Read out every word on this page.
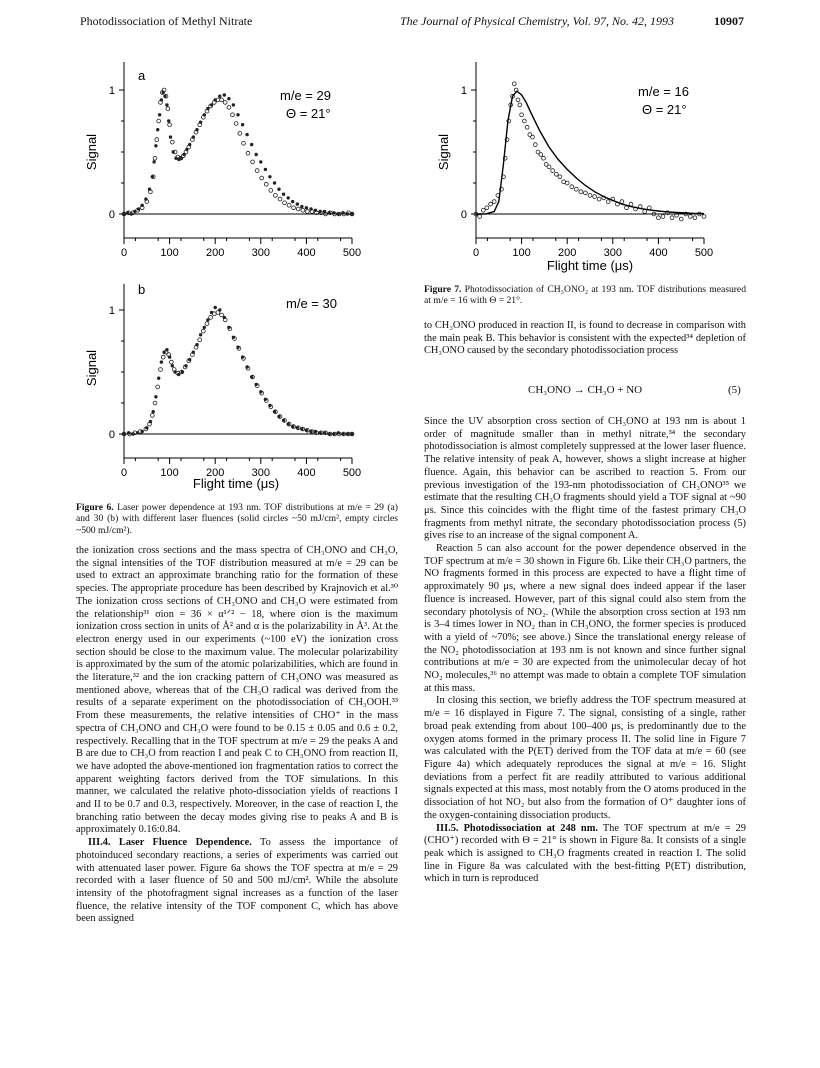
Photodissociation of Methyl Nitrate	The Journal of Physical Chemistry, Vol. 97, No. 42, 1993	10907
0	100 200 300 400 500
0
1
a
m/e = 29
Θ = 21°
Signal
0	100 200 300 400 500
0
1
b
m/e = 30
Signal
Flight time (μs)
0	100 200 300 400 500
0
1	m/e = 16
Θ = 21°
Signal
Flight time (μs)
Figure 6. Laser power dependence at 193 nm. TOF distributions at m/e = 29 (a) and 30 (b) with different laser fluences (solid circles ~50 mJ/cm², empty circles ~500 mJ/cm²).

the ionization cross sections and the mass spectra of CH₃ONO and CH₃O, the signal intensities of the TOF distribution measured at m/e = 29 can be used to extract an approximate branching ratio for the formation of these species. The appropriate procedure has been described by Krajnovich et al.³⁰ The ionization cross sections of CH₃ONO and CH₃O were estimated from the relationship³¹ σion = 36 × α¹ᐟ² − 18, where σion is the maximum ionization cross section in units of Å² and α is the polarizability in Å³. At the electron energy used in our experiments (~100 eV) the ionization cross section should be close to the maximum value. The molecular polarizability is approximated by the sum of the atomic polarizabilities, which are found in the literature,³² and the ion cracking pattern of CH₃ONO was measured as mentioned above, whereas that of the CH₃O radical was derived from the results of a separate experiment on the photodissociation of CH₃OOH.³³ From these measurements, the relative intensities of CHO⁺ in the mass spectra of CH₃ONO and CH₃O were found to be 0.15 ± 0.05 and 0.6 ± 0.2, respectively. Recalling that in the TOF spectrum at m/e = 29 the peaks A and B are due to CH₃O from reaction I and peak C to CH₃ONO from reaction II, we have adopted the above-mentioned ion fragmentation ratios to correct the apparent weighting factors derived from the TOF simulations. In this manner, we calculated the relative photo-dissociation yields of reactions I and II to be 0.7 and 0.3, respectively. Moreover, in the case of reaction I, the branching ratio between the decay modes giving rise to peaks A and B is approximately 0.16:0.84.

III.4. Laser Fluence Dependence. To assess the importance of photoinduced secondary reactions, a series of experiments was carried out with attenuated laser power. Figure 6a shows the TOF spectra at m/e = 29 recorded with a laser fluence of 50 and 500 mJ/cm². While the absolute intensity of the photofragment signal increases as a function of the laser fluence, the relative intensity of the TOF component C, which has above been assigned

Figure 7. Photodissociation of CH₃ONO₂ at 193 nm. TOF distributions measured at m/e = 16 with Θ = 21°.

to CH₃ONO produced in reaction II, is found to decrease in comparison with the main peak B. This behavior is consistent with the expected³⁴ depletion of CH₃ONO caused by the secondary photodissociation process

CH₃ONO → CH₃O + NO	(5)

Since the UV absorption cross section of CH₃ONO at 193 nm is about 1 order of magnitude smaller than in methyl nitrate,³⁴ the secondary photodissociation is almost completely suppressed at the lower laser fluence. The relative intensity of peak A, however, shows a slight increase at higher fluence. Again, this behavior can be ascribed to reaction 5. From our previous investigation of the 193-nm photodissociation of CH₃ONO³⁵ we estimate that the resulting CH₃O fragments should yield a TOF signal at ~90 μs. Since this coincides with the flight time of the fastest primary CH₃O fragments from methyl nitrate, the secondary photodissociation process (5) gives rise to an increase of the signal component A.

Reaction 5 can also account for the power dependence observed in the TOF spectrum at m/e = 30 shown in Figure 6b. Like their CH₃O partners, the NO fragments formed in this process are expected to have a flight time of approximately 90 μs, where a new signal does indeed appear if the laser fluence is increased. However, part of this signal could also stem from the secondary photolysis of NO₂. (While the absorption cross section at 193 nm is 3–4 times lower in NO₂ than in CH₃ONO, the former species is produced with a yield of ~70%; see above.) Since the translational energy release of the NO₂ photodissociation at 193 nm is not known and since further signal contributions at m/e = 30 are expected from the unimolecular decay of hot NO₂ molecules,³⁶ no attempt was made to obtain a complete TOF simulation at this mass.

In closing this section, we briefly address the TOF spectrum measured at m/e = 16 displayed in Figure 7. The signal, consisting of a single, rather broad peak extending from about 100–400 μs, is predominantly due to the oxygen atoms formed in the primary process II. The solid line in Figure 7 was calculated with the P(ET) derived from the TOF data at m/e = 60 (see Figure 4a) which adequately reproduces the signal at m/e = 16. Slight deviations from a perfect fit are readily attributed to various additional signals expected at this mass, most notably from the O atoms produced in the dissociation of hot NO₂ but also from the formation of O⁺ daughter ions of the oxygen-containing dissociation products.

III.5. Photodissociation at 248 nm. The TOF spectrum at m/e = 29 (CHO⁺) recorded with Θ = 21° is shown in Figure 8a. It consists of a single peak which is assigned to CH₃O fragments created in reaction I. The solid line in Figure 8a was calculated with the best-fitting P(ET) distribution, which in turn is reproduced
